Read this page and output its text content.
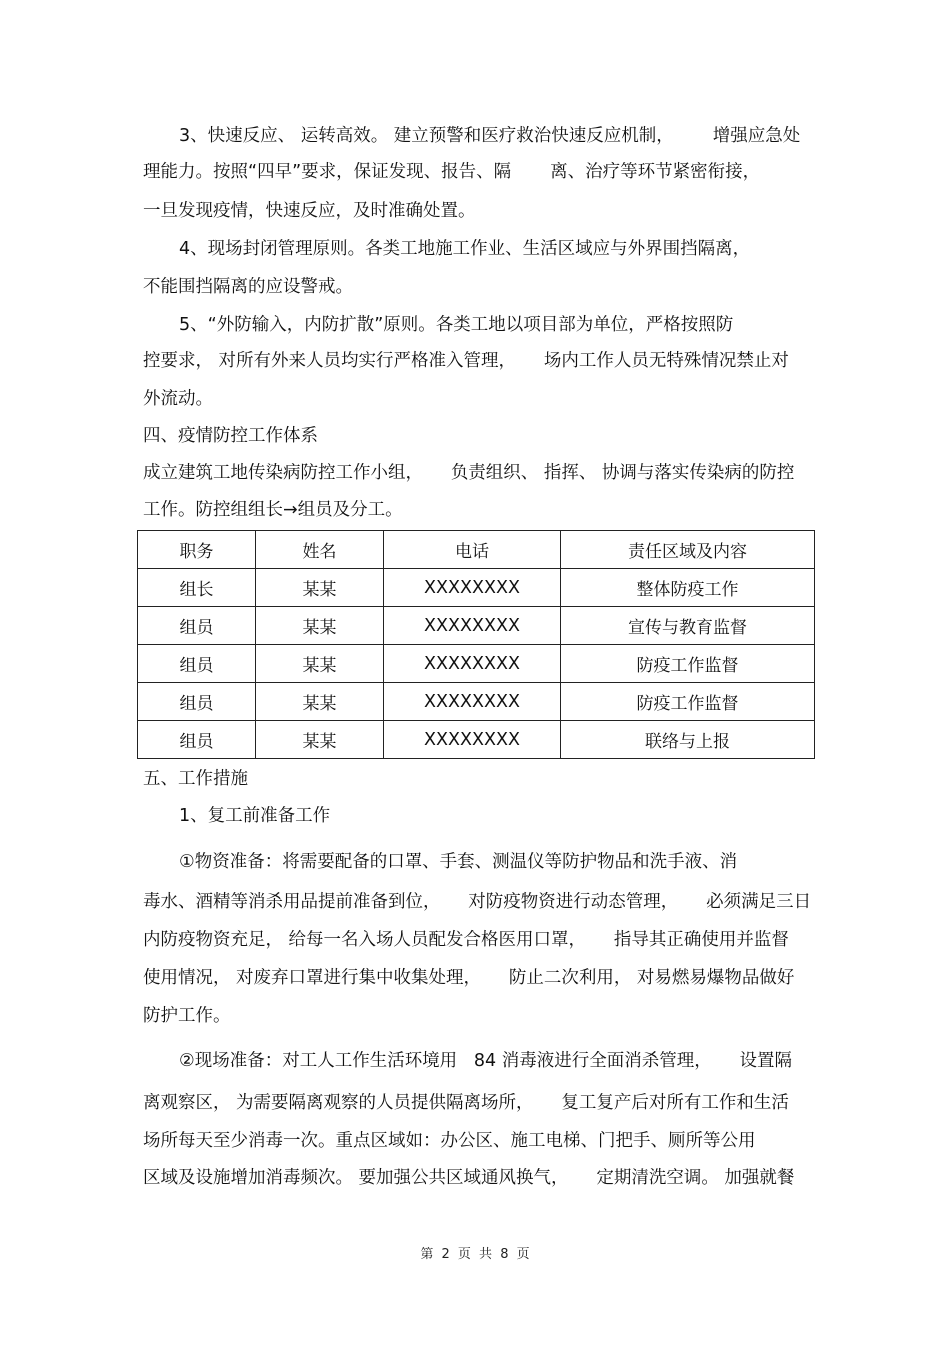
3、快速反应、 运转高效。 建立预警和医疗救治快速反应机制，       增强应急处
理能力。按照“四早”要求，保证发现、报告、隔       离、治疗等环节紧密衔接，
一旦发现疫情，快速反应，及时准确处置。
4、现场封闭管理原则。各类工地施工作业、生活区域应与外界围挡隔离，
不能围挡隔离的应设警戒。
5、“外防输入，内防扩散”原则。各类工地以项目部为单位，严格按照防
控要求， 对所有外来人员均实行严格准入管理，     场内工作人员无特殊情况禁止对
外流动。
四、疫情防控工作体系
成立建筑工地传染病防控工作小组，     负责组织、 指挥、 协调与落实传染病的防控
工作。防控组组长→组员及分工。
职务	姓名	电话	责任区域及内容
组长	某某	XXXXXXXX	整体防疫工作
组员	某某	XXXXXXXX	宣传与教育监督
组员	某某	XXXXXXXX	防疫工作监督
组员	某某	XXXXXXXX	防疫工作监督
组员	某某	XXXXXXXX	联络与上报
五、工作措施
1、复工前准备工作
①物资准备：将需要配备的口罩、手套、测温仪等防护物品和洗手液、消
毒水、酒精等消杀用品提前准备到位，     对防疫物资进行动态管理，     必须满足三日
内防疫物资充足， 给每一名入场人员配发合格医用口罩，     指导其正确使用并监督
使用情况， 对废弃口罩进行集中收集处理，     防止二次利用， 对易燃易爆物品做好
防护工作。
②现场准备：对工人工作生活环境用   84 消毒液进行全面消杀管理，     设置隔
离观察区， 为需要隔离观察的人员提供隔离场所，     复工复产后对所有工作和生活
场所每天至少消毒一次。重点区域如：办公区、施工电梯、门把手、厕所等公用
区域及设施增加消毒频次。 要加强公共区域通风换气，     定期清洗空调。 加强就餐
第 2 页 共 8 页
